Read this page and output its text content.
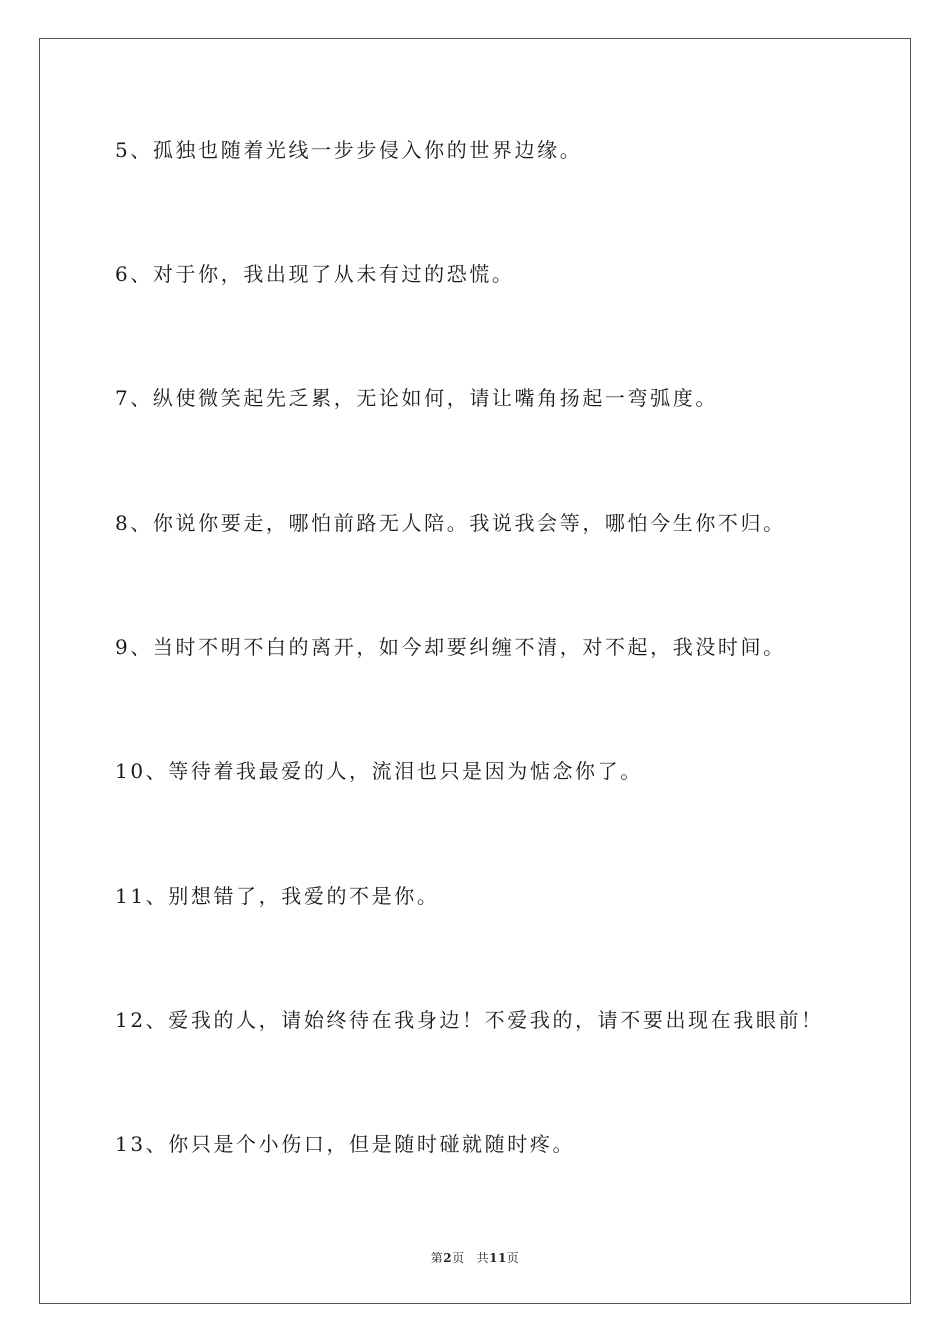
5、孤独也随着光线一步步侵入你的世界边缘。
6、对于你，我出现了从未有过的恐慌。
7、纵使微笑起先乏累，无论如何，请让嘴角扬起一弯弧度。
8、你说你要走，哪怕前路无人陪。我说我会等，哪怕今生你不归。
9、当时不明不白的离开，如今却要纠缠不清，对不起，我没时间。
10、等待着我最爱的人，流泪也只是因为惦念你了。
11、别想错了，我爱的不是你。
12、爱我的人，请始终待在我身边！不爱我的，请不要出现在我眼前！
13、你只是个小伤口，但是随时碰就随时疼。
第2页 共11页
